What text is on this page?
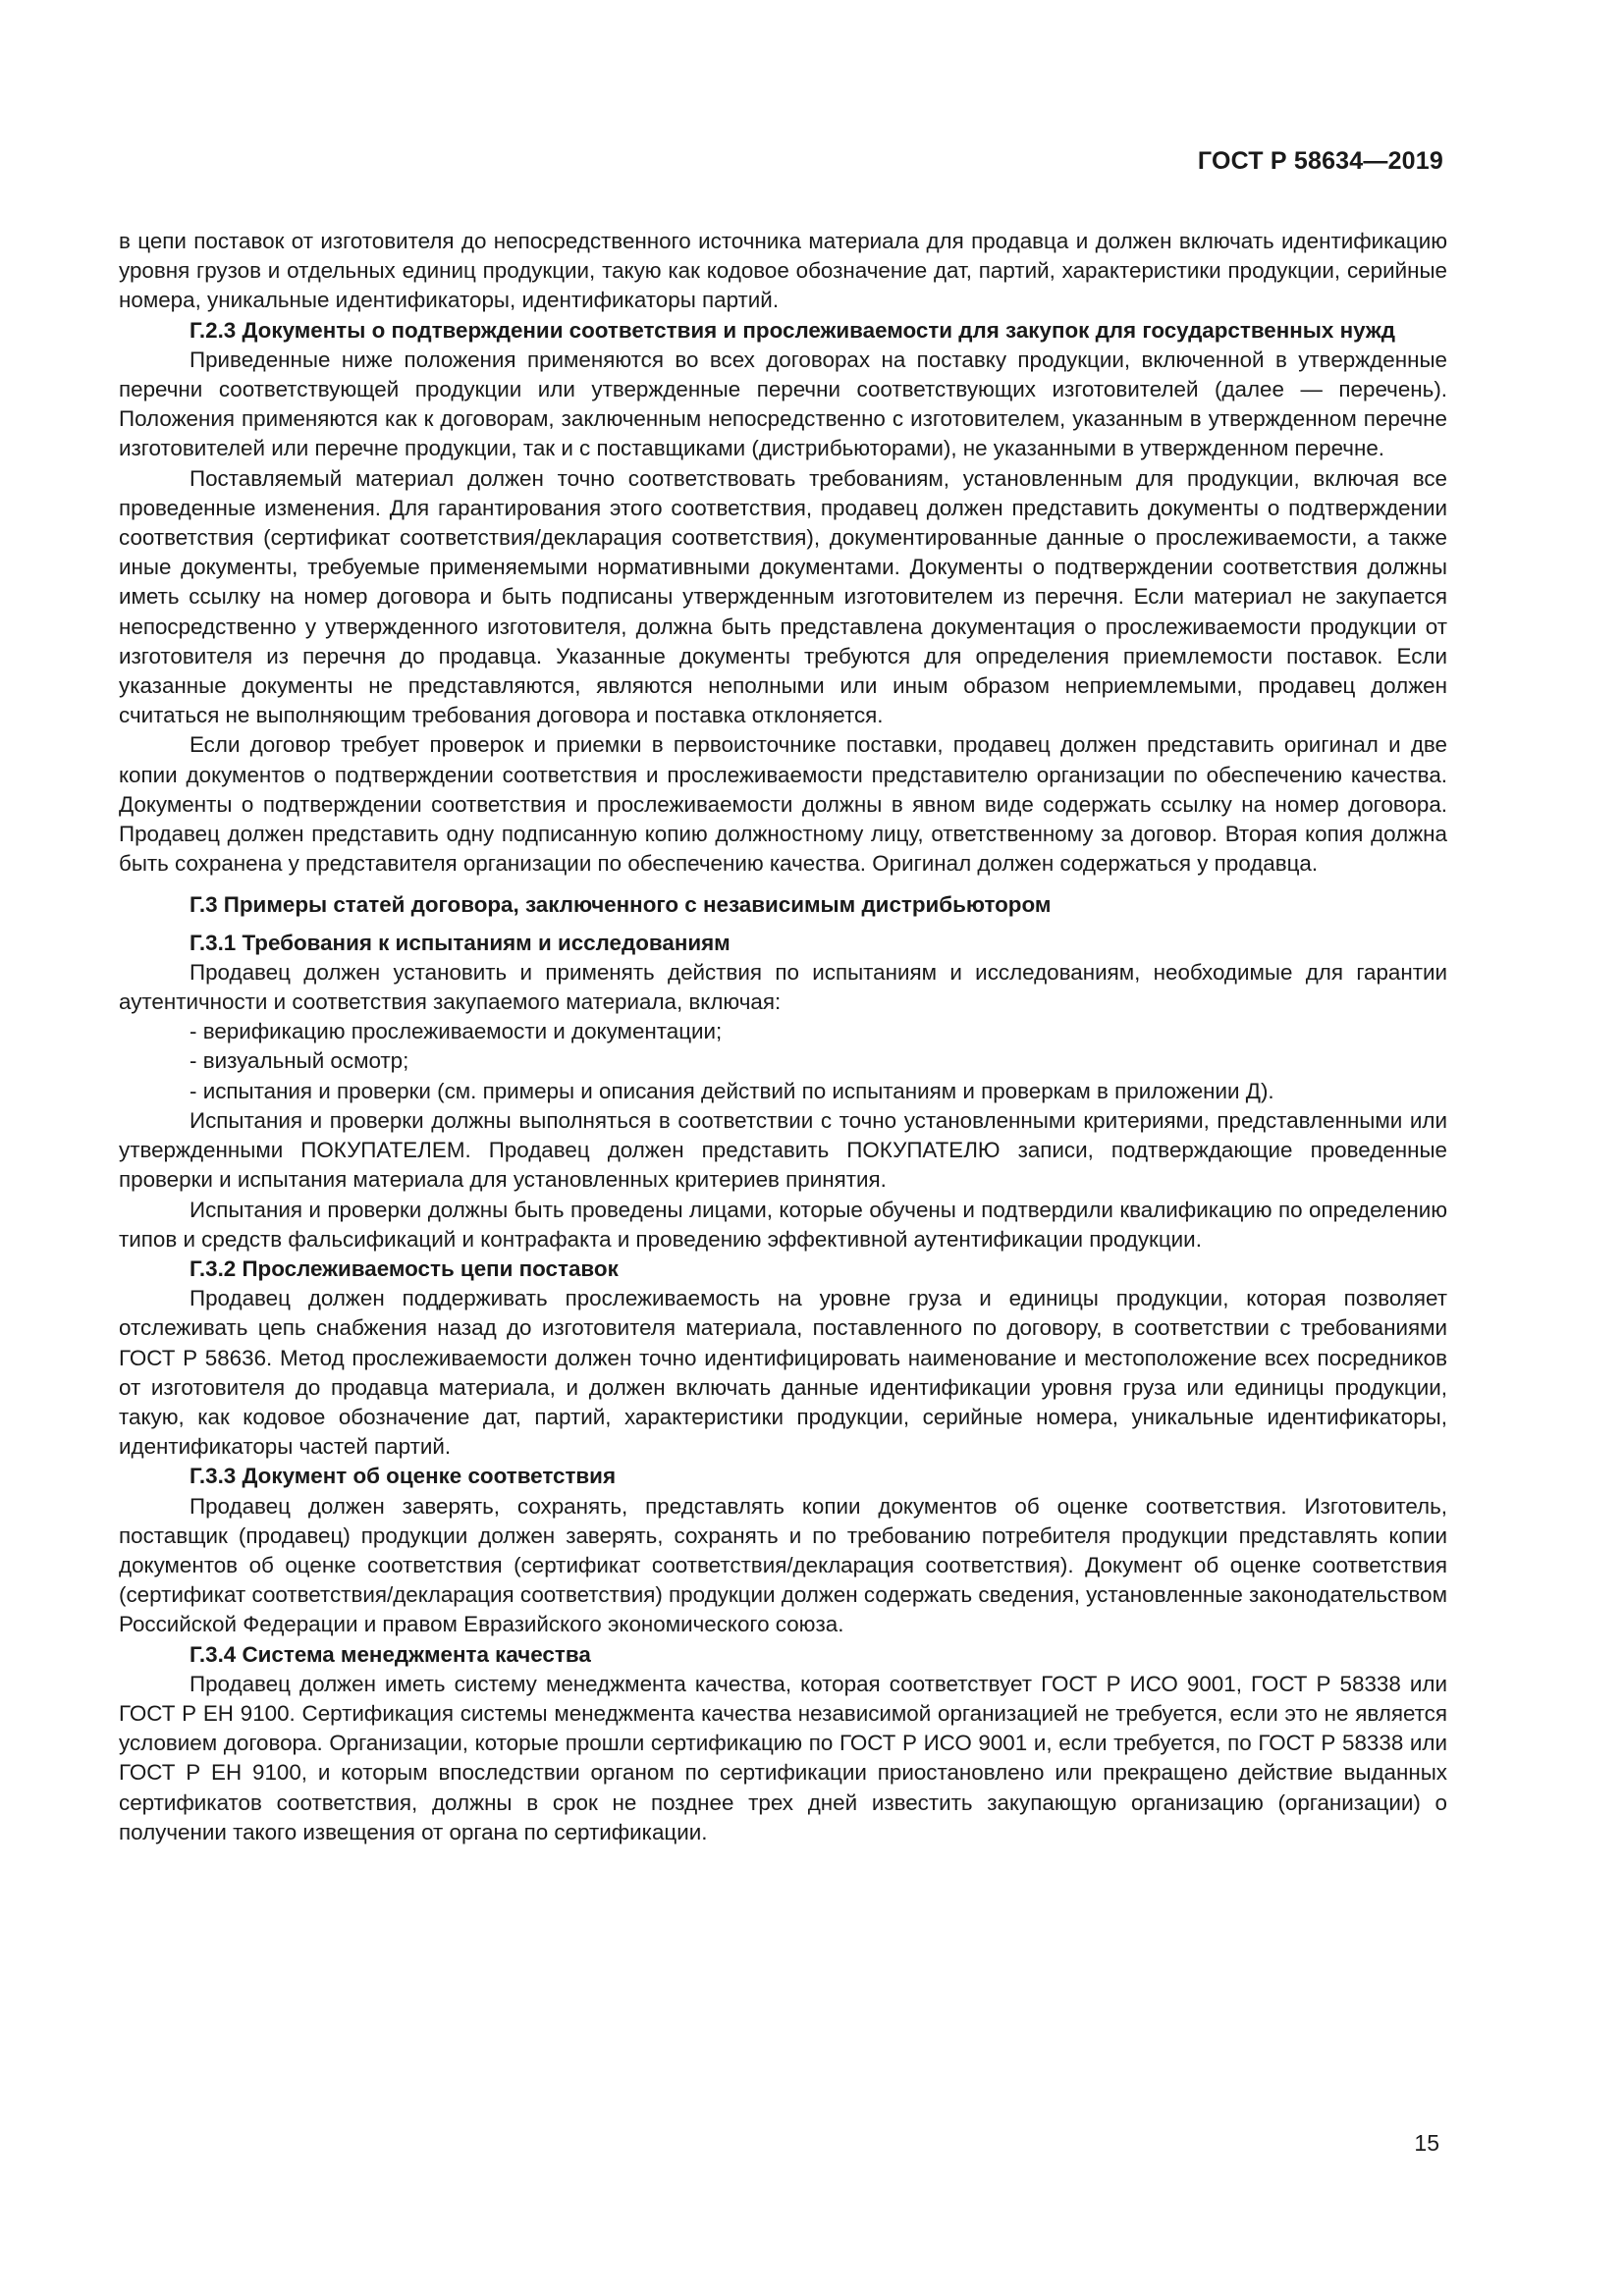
ГОСТ Р 58634—2019

в цепи поставок от изготовителя до непосредственного источника материала для продавца и должен включать идентификацию уровня грузов и отдельных единиц продукции, такую как кодовое обозначение дат, партий, характеристики продукции, серийные номера, уникальные идентификаторы, идентификаторы партий.

Г.2.3 Документы о подтверждении соответствия и прослеживаемости для закупок для государственных нужд

Приведенные ниже положения применяются во всех договорах на поставку продукции, включенной в утвержденные перечни соответствующей продукции или утвержденные перечни соответствующих изготовителей (далее — перечень). Положения применяются как к договорам, заключенным непосредственно с изготовителем, указанным в утвержденном перечне изготовителей или перечне продукции, так и с поставщиками (дистрибьюторами), не указанными в утвержденном перечне.

Поставляемый материал должен точно соответствовать требованиям, установленным для продукции, включая все проведенные изменения. Для гарантирования этого соответствия, продавец должен представить документы о подтверждении соответствия (сертификат соответствия/декларация соответствия), документированные данные о прослеживаемости, а также иные документы, требуемые применяемыми нормативными документами. Документы о подтверждении соответствия должны иметь ссылку на номер договора и быть подписаны утвержденным изготовителем из перечня. Если материал не закупается непосредственно у утвержденного изготовителя, должна быть представлена документация о прослеживаемости продукции от изготовителя из перечня до продавца. Указанные документы требуются для определения приемлемости поставок. Если указанные документы не представляются, являются неполными или иным образом неприемлемыми, продавец должен считаться не выполняющим требования договора и поставка отклоняется.

Если договор требует проверок и приемки в первоисточнике поставки, продавец должен представить оригинал и две копии документов о подтверждении соответствия и прослеживаемости представителю организации по обеспечению качества. Документы о подтверждении соответствия и прослеживаемости должны в явном виде содержать ссылку на номер договора. Продавец должен представить одну подписанную копию должностному лицу, ответственному за договор. Вторая копия должна быть сохранена у представителя организации по обеспечению качества. Оригинал должен содержаться у продавца.

Г.3 Примеры статей договора, заключенного с независимым дистрибьютором
Г.3.1 Требования к испытаниям и исследованиям

Продавец должен установить и применять действия по испытаниям и исследованиям, необходимые для гарантии аутентичности и соответствия закупаемого материала, включая:

- верификацию прослеживаемости и документации;
- визуальный осмотр;
- испытания и проверки (см. примеры и описания действий по испытаниям и проверкам в приложении Д).

Испытания и проверки должны выполняться в соответствии с точно установленными критериями, представленными или утвержденными ПОКУПАТЕЛЕМ. Продавец должен представить ПОКУПАТЕЛЮ записи, подтверждающие проведенные проверки и испытания материала для установленных критериев принятия.

Испытания и проверки должны быть проведены лицами, которые обучены и подтвердили квалификацию по определению типов и средств фальсификаций и контрафакта и проведению эффективной аутентификации продукции.

Г.3.2 Прослеживаемость цепи поставок

Продавец должен поддерживать прослеживаемость на уровне груза и единицы продукции, которая позволяет отслеживать цепь снабжения назад до изготовителя материала, поставленного по договору, в соответствии с требованиями ГОСТ Р 58636. Метод прослеживаемости должен точно идентифицировать наименование и местоположение всех посредников от изготовителя до продавца материала, и должен включать данные идентификации уровня груза или единицы продукции, такую, как кодовое обозначение дат, партий, характеристики продукции, серийные номера, уникальные идентификаторы, идентификаторы частей партий.

Г.3.3 Документ об оценке соответствия

Продавец должен заверять, сохранять, представлять копии документов об оценке соответствия. Изготовитель, поставщик (продавец) продукции должен заверять, сохранять и по требованию потребителя продукции представлять копии документов об оценке соответствия (сертификат соответствия/декларация соответствия). Документ об оценке соответствия (сертификат соответствия/декларация соответствия) продукции должен содержать сведения, установленные законодательством Российской Федерации и правом Евразийского экономического союза.

Г.3.4 Система менеджмента качества

Продавец должен иметь систему менеджмента качества, которая соответствует ГОСТ Р ИСО 9001, ГОСТ Р 58338 или ГОСТ Р ЕН 9100. Сертификация системы менеджмента качества независимой организацией не требуется, если это не является условием договора. Организации, которые прошли сертификацию по ГОСТ Р ИСО 9001 и, если требуется, по ГОСТ Р 58338 или ГОСТ Р ЕН 9100, и которым впоследствии органом по сертификации приостановлено или прекращено действие выданных сертификатов соответствия, должны в срок не позднее трех дней известить закупающую организацию (организации) о получении такого извещения от органа по сертификации.

15
